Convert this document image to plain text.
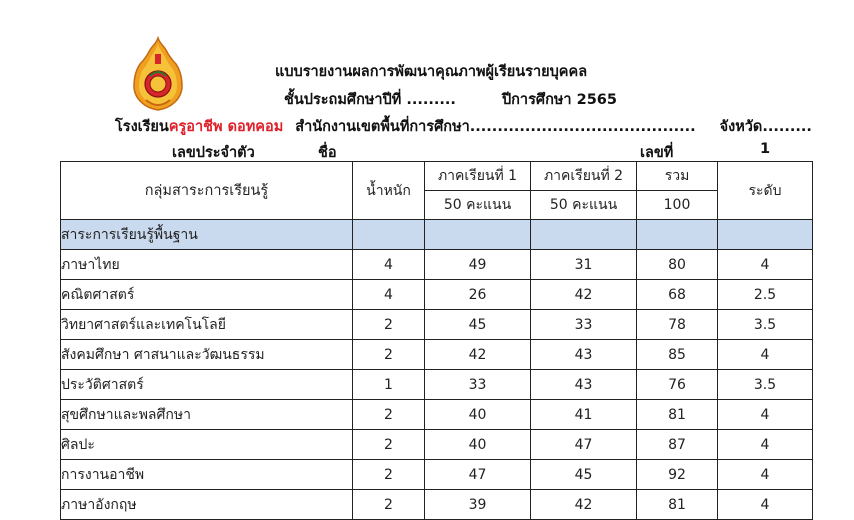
แบบรายงานผลการพัฒนาคุณภาพผู้เรียนรายบุคคล
ชั้นประถมศึกษาปีที่ .........	ปีการศึกษา 2565
โรงเรียนครูอาชีพ ดอทคอม สำนักงานเขตพื้นที่การศึกษา......................................... จังหวัด.........
เลขประจำตัว	ชื่อ	เลขที่	1
กลุ่มสาระการเรียนรู้	น้ำหนัก	ภาคเรียนที่ 1	ภาคเรียนที่ 2	รวม	ระดับ
		50 คะแนน	50 คะแนน	100	
สาระการเรียนรู้พื้นฐาน					
ภาษาไทย	4	49	31	80	4
คณิตศาสตร์	4	26	42	68	2.5
วิทยาศาสตร์และเทคโนโลยี	2	45	33	78	3.5
สังคมศึกษา ศาสนาและวัฒนธรรม	2	42	43	85	4
ประวัติศาสตร์	1	33	43	76	3.5
สุขศึกษาและพลศึกษา	2	40	41	81	4
ศิลปะ	2	40	47	87	4
การงานอาชีพ	2	47	45	92	4
ภาษาอังกฤษ	2	39	42	81	4
